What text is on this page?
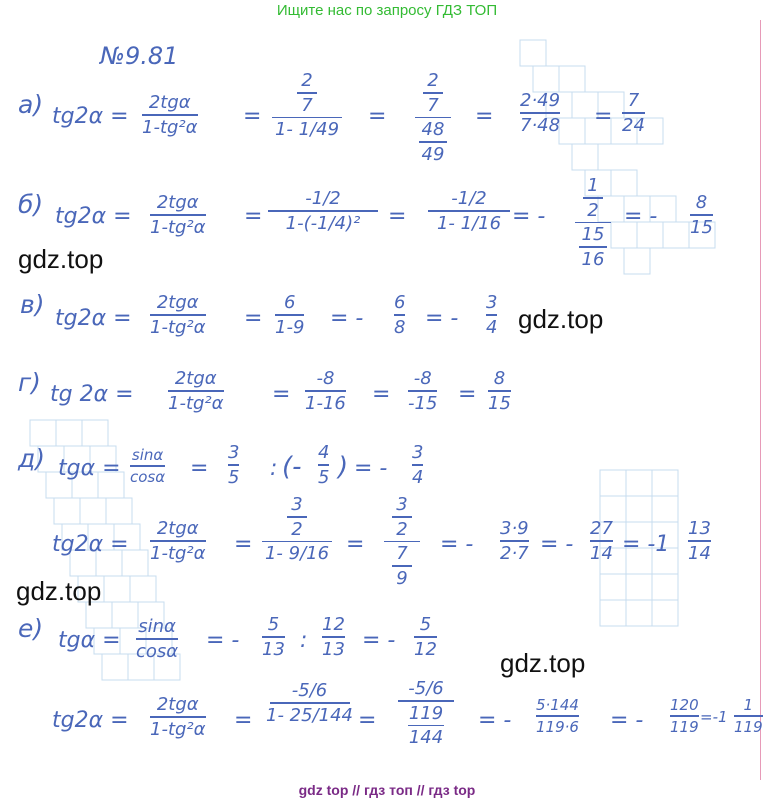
Ищите нас по запросу ГДЗ ТОП
№9.81
а) tg2α =
2tgα
1-tg²α =
2
7
1- 1/49
=
2
7
48
49
=
2·49
7·48 =
7
24
б) tg2α =
2tgα
1-tg²α =
-1/2
1-(-1/4)² =
-1/2
1- 1/16 = -
1
2
15
16
= -
8
15
в) tg2α =
2tgα
1-tg²α =
6
1-9 = -
6
8 = -
3
4
г) tg 2α =
2tgα
1-tg²α =
-8
1-16 =
-8
-15 =
8
15
д) tgα =
sinα
cosα =
3
5 : (- 4
5 ) = -
3
4
tg2α =
2tgα
1-tg²α =
3
2
1- 9/16 =
3
2
7
9
= -
3·9
2·7 = -
27
14 = -1
13
14
е) tgα =
sinα
cosα = -
5
13 :
12
13 = -
5
12
tg2α =
2tgα
1-tg²α =
-5/6
1- 25/144 =
-5/6
119
144
= -
5·144
119·6 = -
120
119
=-1
1
119
gdz.top
gdz.top
gdz.top
gdz.top
gdz top // гдз топ // гдз top
